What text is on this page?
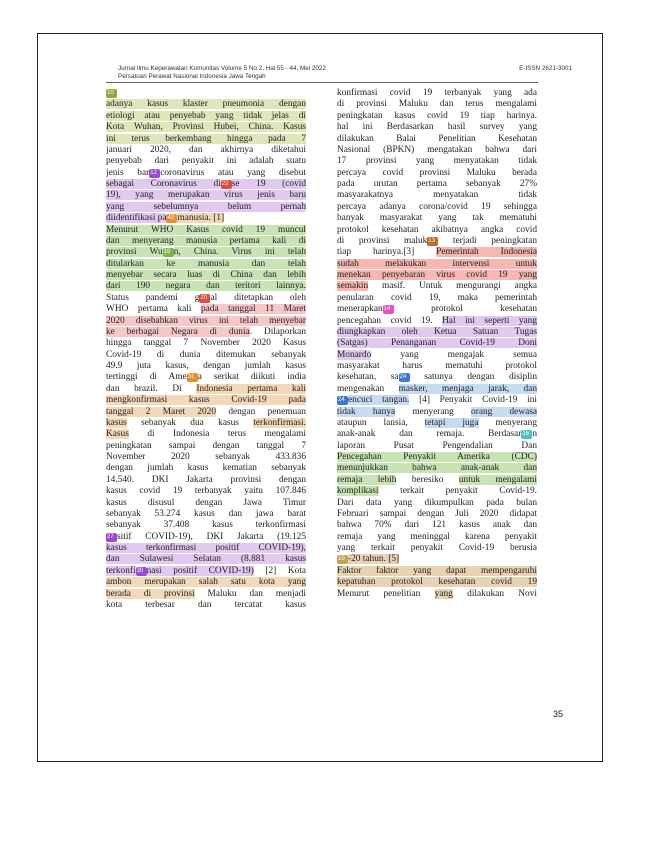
Jurnal Ilmu Keperawatan Komunitas Volume 5 No 2, Hal 55 - 44, Mei 2022
Persatuan Perawat Nasional Indonesia Jawa Tengah
E-ISSN 2621-3001
10
adanya kasus klaster pneumonia dengan
etiologi atau penyebab yang tidak jelas di
Kota Wuhan, Provinsi Hubei, China. Kasus
ini terus berkembang hingga pada 7
januari 2020, dan akhirnya diketahui
penyebab dari penyakit ini adalah suatu
jenis bar12 coronavirus atau yang disebut
sebagai Coronavirus di22 se 19 (covid
19), yang merupakan virus jenis baru
yang sebelumnya belum pernah
diidentifikasi pa42 manusia. [1]
Menurut WHO Kasus covid 19 muncul
dan menyerang manusia pertama kali di
provinsi Wu19 n, China. Virus ini telah
ditularkan ke manusia dan telah
menyebar secara luas di China dan lebih
dari 190 negara dan teritori lainnya.
Status pandemi g20 al ditetapkan oleh
WHO pertama kali pada tanggal 11 Maret
2020 disebabkan virus ini telah menyebar
ke berbagai Negara di dunia. Dilaporkan
hingga tanggal 7 November 2020 Kasus
Covid-19 di dunia ditemukan sebanyak
49.9 juta kasus, dengan jumlah kasus
tertinggi di Ame31 a serikat diikuti india
dan brazil. Di Indonesia pertama kali
mengkonfirmasi kasus Covid-19 pada
tanggal 2 Maret 2020 dengan penemuan
kasus sebanyak dua kasus terkonfirmasi.
Kasus di Indonesia terus mengalami
peningkatan sampai dengan tanggal 7
November 2020 sebanyak 433.836
dengan jumlah kasus kematian sebanyak
14.540. DKI Jakarta provinsi dengan
kasus covid 19 terbanyak yaitu 107.846
kasus disusul dengan Jawa Timur
sebanyak 53.274 kasus dan jawa barat
sebanyak 37.408 kasus terkonfirmasi
27 sitif COVID-19), DKI Jakarta (19.125
kasus terkonfirmasi positif COVID-19),
dan Sulawesi Selatan (8.881 kasus
terkonfi30 nasi positif COVID-19) [2] Kota
ambon merupakan salah satu kota yang
berada di provinsi Maluku dan menjadi
kota terbesar dan tercatat kasus
konfirmasi covid 19 terbanyak yang ada
di provinsi Maluku dan terus mengalami
peningkatan kasus covid 19 tiap harinya.
hal ini Berdasarkan hasil survey yang
dilakukan Balai Penelitian Kesehatan
Nasional (BPKN) mengatakan bahwa dari
17 provinsi yang menyatakan tidak
percaya covid provinsi Maluku berada
pada urutan pertama sebanyak 27%
masyarakatnya menyatakan tidak
percaya adanya corona/covid 19 sehingga
banyak masyarakat yang tak mematuhi
protokol kesehatan akibatnya angka covid
di provinsi maluk13 terjadi peningkatan
tiap harinya.[3] Pemerintah Indonesia
sudah melakukan intervensi untuk
menekan penyebaran virus covid 19 yang
semakin masif. Untuk mengurangi angka
penularan covid 19, maka pemerintah
menerapkan14 protokol kesehatan
pencegahan covid 19. Hal ini seperti yang
diungkapkan oleh Ketua Satuan Tugas
(Satgas) Penanganan Covid-19 Doni
Monardo yang mengajak semua
masyarakat harus mematuhi protokol
kesehatan, sa24 satunya dengan disiplin
mengenakan masker, menjaga jarak, dan
24 encuci tangan. [4] Penyakit Covid-19 ini
tidak hanya menyerang orang dewasa
ataupun lansia, tetapi juga menyerang
anak-anak dan remaja. Berdasar16 n
laporan Pusat Pengendalian Dan
Pencegahan Penyakit Amerika (CDC)
menunjukkan bahwa anak-anak dan
remaja lebih beresiko untuk mengalami
komplikasi terkait penyakit Covid-19.
Dari data yang dikumpulkan pada bulan
Februari sampai dengan Juli 2020 didapat
bahwa 70% dari 121 kasus anak dan
remaja yang meninggal karena penyakit
yang terkait penyakit Covid-19 berusia
10 -20 tahun. [5]
Faktor faktor yang dapat mempengaruhi
kepatuhan protokol kesehatan covid 19
Menurut penelitian yang dilakukan Novi
35
